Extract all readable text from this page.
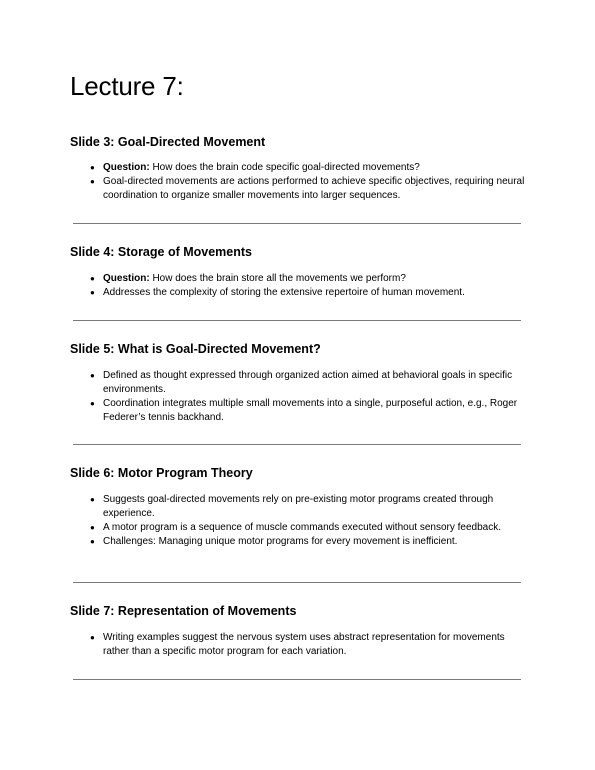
Lecture 7:
Slide 3: Goal-Directed Movement
● Question: How does the brain code specific goal-directed movements?
● Goal-directed movements are actions performed to achieve specific objectives, requiring neural coordination to organize smaller movements into larger sequences.
Slide 4: Storage of Movements
● Question: How does the brain store all the movements we perform?
● Addresses the complexity of storing the extensive repertoire of human movement.
Slide 5: What is Goal-Directed Movement?
● Defined as thought expressed through organized action aimed at behavioral goals in specific environments.
● Coordination integrates multiple small movements into a single, purposeful action, e.g., Roger Federer’s tennis backhand.
Slide 6: Motor Program Theory
● Suggests goal-directed movements rely on pre-existing motor programs created through experience.
● A motor program is a sequence of muscle commands executed without sensory feedback.
● Challenges: Managing unique motor programs for every movement is inefficient.
Slide 7: Representation of Movements
● Writing examples suggest the nervous system uses abstract representation for movements rather than a specific motor program for each variation.
